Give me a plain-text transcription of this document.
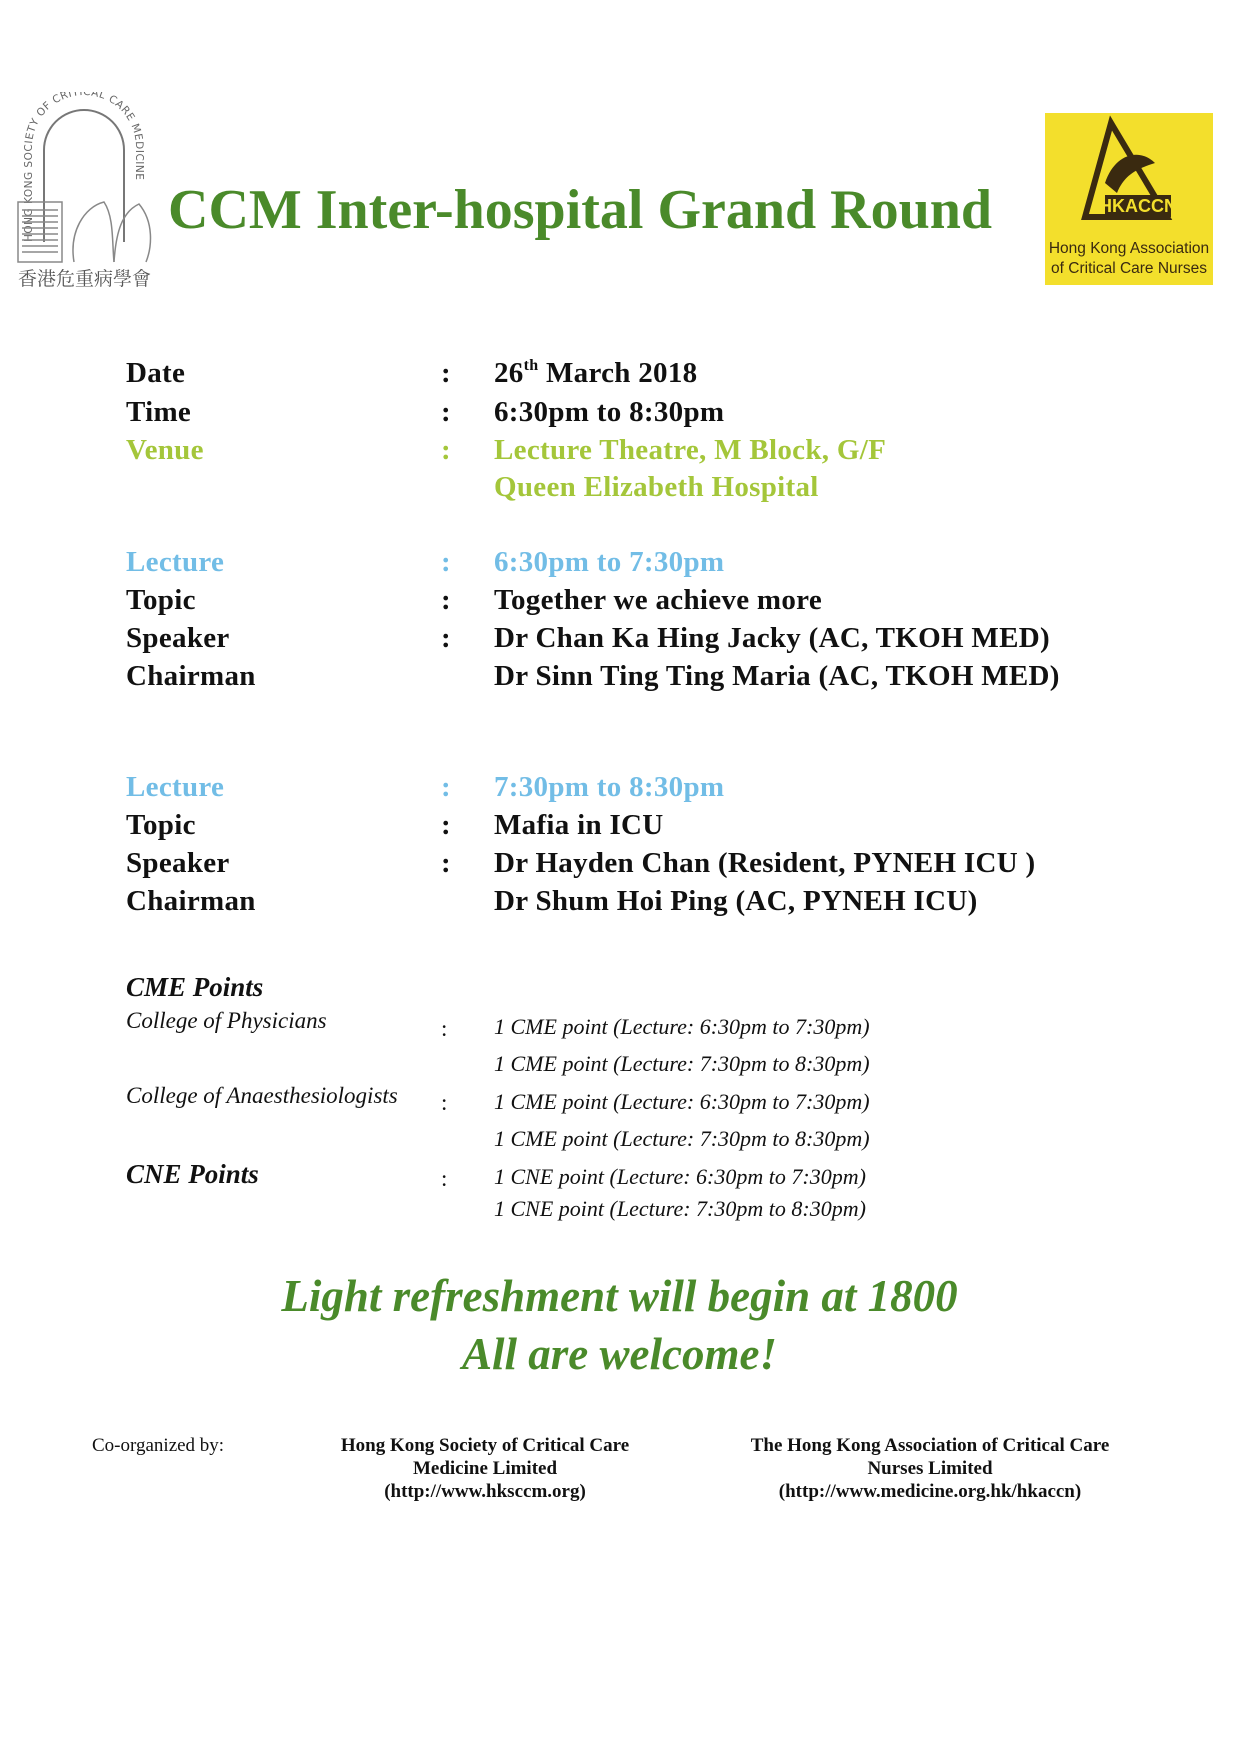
HONG KONG SOCIETY OF CRITICAL CARE MEDICINE
香港危重病學會
CCM Inter-hospital Grand Round	HKACCN
Hong Kong Association
of Critical Care Nurses
Date	: 26th March 2018
Time	: 6:30pm to 8:30pm
Venue	: Lecture Theatre, M Block, G/F
Queen Elizabeth Hospital
Lecture	: 6:30pm to 7:30pm
Topic	: Together we achieve more
Speaker	: Dr Chan Ka Hing Jacky (AC, TKOH MED)
Chairman	Dr Sinn Ting Ting Maria (AC, TKOH MED)
Lecture	: 7:30pm to 8:30pm
Topic	: Mafia in ICU
Speaker	: Dr Hayden Chan (Resident, PYNEH ICU )
Chairman	Dr Shum Hoi Ping (AC, PYNEH ICU)
CME Points
College of Physicians	: 1 CME point (Lecture: 6:30pm to 7:30pm)
1 CME point (Lecture: 7:30pm to 8:30pm)
College of Anaesthesiologists : 1 CME point (Lecture: 6:30pm to 7:30pm)
1 CME point (Lecture: 7:30pm to 8:30pm)
CNE Points	: 1 CNE point (Lecture: 6:30pm to 7:30pm)
1 CNE point (Lecture: 7:30pm to 8:30pm)
Light refreshment will begin at 1800
All are welcome!
Co-organized by:	Hong Kong Society of Critical Care
Medicine Limited
(http://www.hksccm.org)
The Hong Kong Association of Critical Care
Nurses Limited
(http://www.medicine.org.hk/hkaccn)
